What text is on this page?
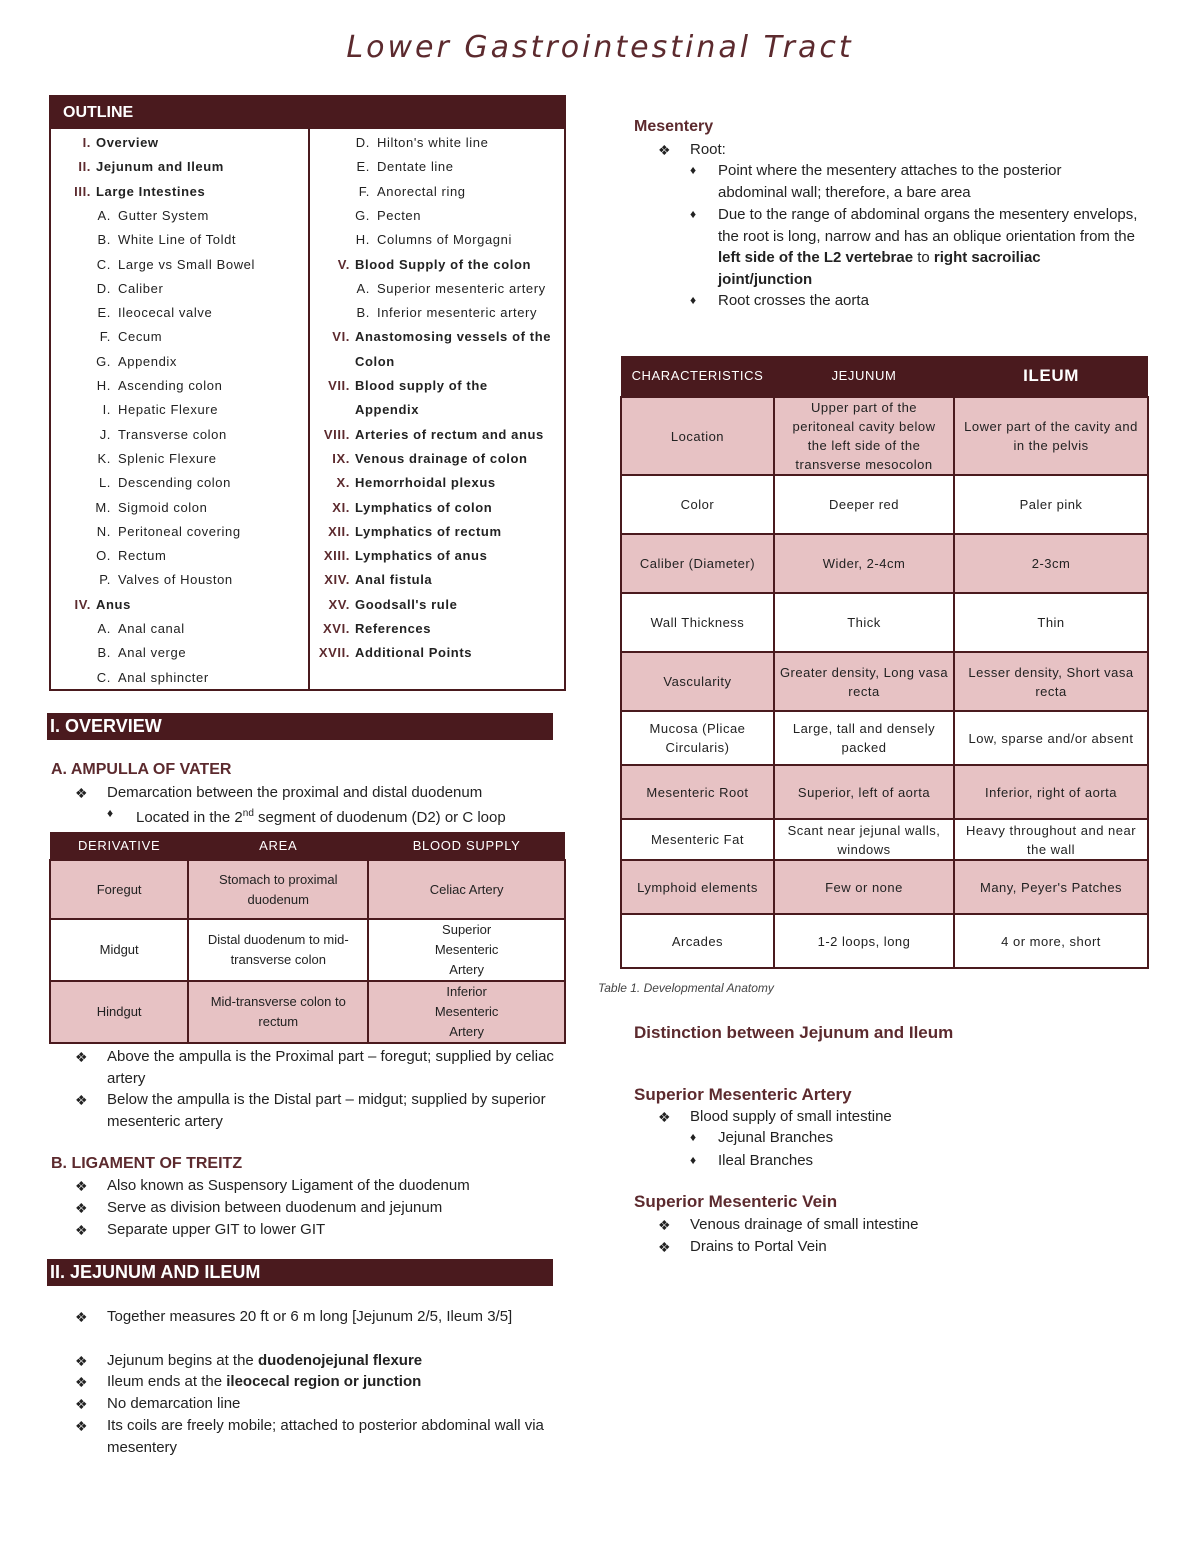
Lower Gastrointestinal Tract
OUTLINE
I. Overview
II. Jejunum and Ileum
III. Large Intestines
A. Gutter System
B. White Line of Toldt
C. Large vs Small Bowel
D. Caliber
E. Ileocecal valve
F. Cecum
G. Appendix
H. Ascending colon
I. Hepatic Flexure
J. Transverse colon
K. Splenic Flexure
L. Descending colon
M. Sigmoid colon
N. Peritoneal covering
O. Rectum
P. Valves of Houston
IV. Anus
A. Anal canal
B. Anal verge
C. Anal sphincter
D. Hilton's white line
E. Dentate line
F. Anorectal ring
G. Pecten
H. Columns of Morgagni
V. Blood Supply of the colon
A. Superior mesenteric artery
B. Inferior mesenteric artery
VI. Anastomosing vessels of the
Colon
VII. Blood supply of the
Appendix
VIII. Arteries of rectum and anus
IX. Venous drainage of colon
X. Hemorrhoidal plexus
XI. Lymphatics of colon
XII. Lymphatics of rectum
XIII. Lymphatics of anus
XIV. Anal fistula
XV. Goodsall's rule
XVI. References
XVII. Additional Points
I. OVERVIEW
A. AMPULLA OF VATER
❖ Demarcation between the proximal and distal duodenum
♦ Located in the 2nd segment of duodenum (D2) or C loop
DERIVATIVE	AREA	BLOOD SUPPLY
Foregut	Stomach to proximal duodenum	Celiac Artery
Midgut	Distal duodenum to mid-transverse colon	Superior Mesenteric Artery
Hindgut	Mid-transverse colon to rectum	Inferior Mesenteric Artery
❖ Above the ampulla is the Proximal part – foregut; supplied by celiac artery
❖ Below the ampulla is the Distal part – midgut; supplied by superior mesenteric artery
B. LIGAMENT OF TREITZ
❖ Also known as Suspensory Ligament of the duodenum
❖ Serve as division between duodenum and jejunum
❖ Separate upper GIT to lower GIT
II. JEJUNUM AND ILEUM
❖ Together measures 20 ft or 6 m long [Jejunum 2/5, Ileum 3/5]
❖ Jejunum begins at the duodenojejunal flexure
❖ Ileum ends at the ileocecal region or junction
❖ No demarcation line
❖ Its coils are freely mobile; attached to posterior abdominal wall via mesentery
Mesentery
❖ Root:
♦ Point where the mesentery attaches to the posterior abdominal wall; therefore, a bare area
♦ Due to the range of abdominal organs the mesentery envelops, the root is long, narrow and has an oblique orientation from the left side of the L2 vertebrae to right sacroiliac joint/junction
♦ Root crosses the aorta
CHARACTERISTICS	JEJUNUM	ILEUM
Location	Upper part of the peritoneal cavity below the left side of the transverse mesocolon	Lower part of the cavity and in the pelvis
Color	Deeper red	Paler pink
Caliber (Diameter)	Wider, 2-4cm	2-3cm
Wall Thickness	Thick	Thin
Vascularity	Greater density, Long vasa recta	Lesser density, Short vasa recta
Mucosa (Plicae Circularis)	Large, tall and densely packed	Low, sparse and/or absent
Mesenteric Root	Superior, left of aorta	Inferior, right of aorta
Mesenteric Fat	Scant near jejunal walls, windows	Heavy throughout and near the wall
Lymphoid elements	Few or none	Many, Peyer's Patches
Arcades	1-2 loops, long	4 or more, short
Table 1. Developmental Anatomy
Distinction between Jejunum and Ileum
Superior Mesenteric Artery
❖ Blood supply of small intestine
♦ Jejunal Branches
♦ Ileal Branches
Superior Mesenteric Vein
❖ Venous drainage of small intestine
❖ Drains to Portal Vein
